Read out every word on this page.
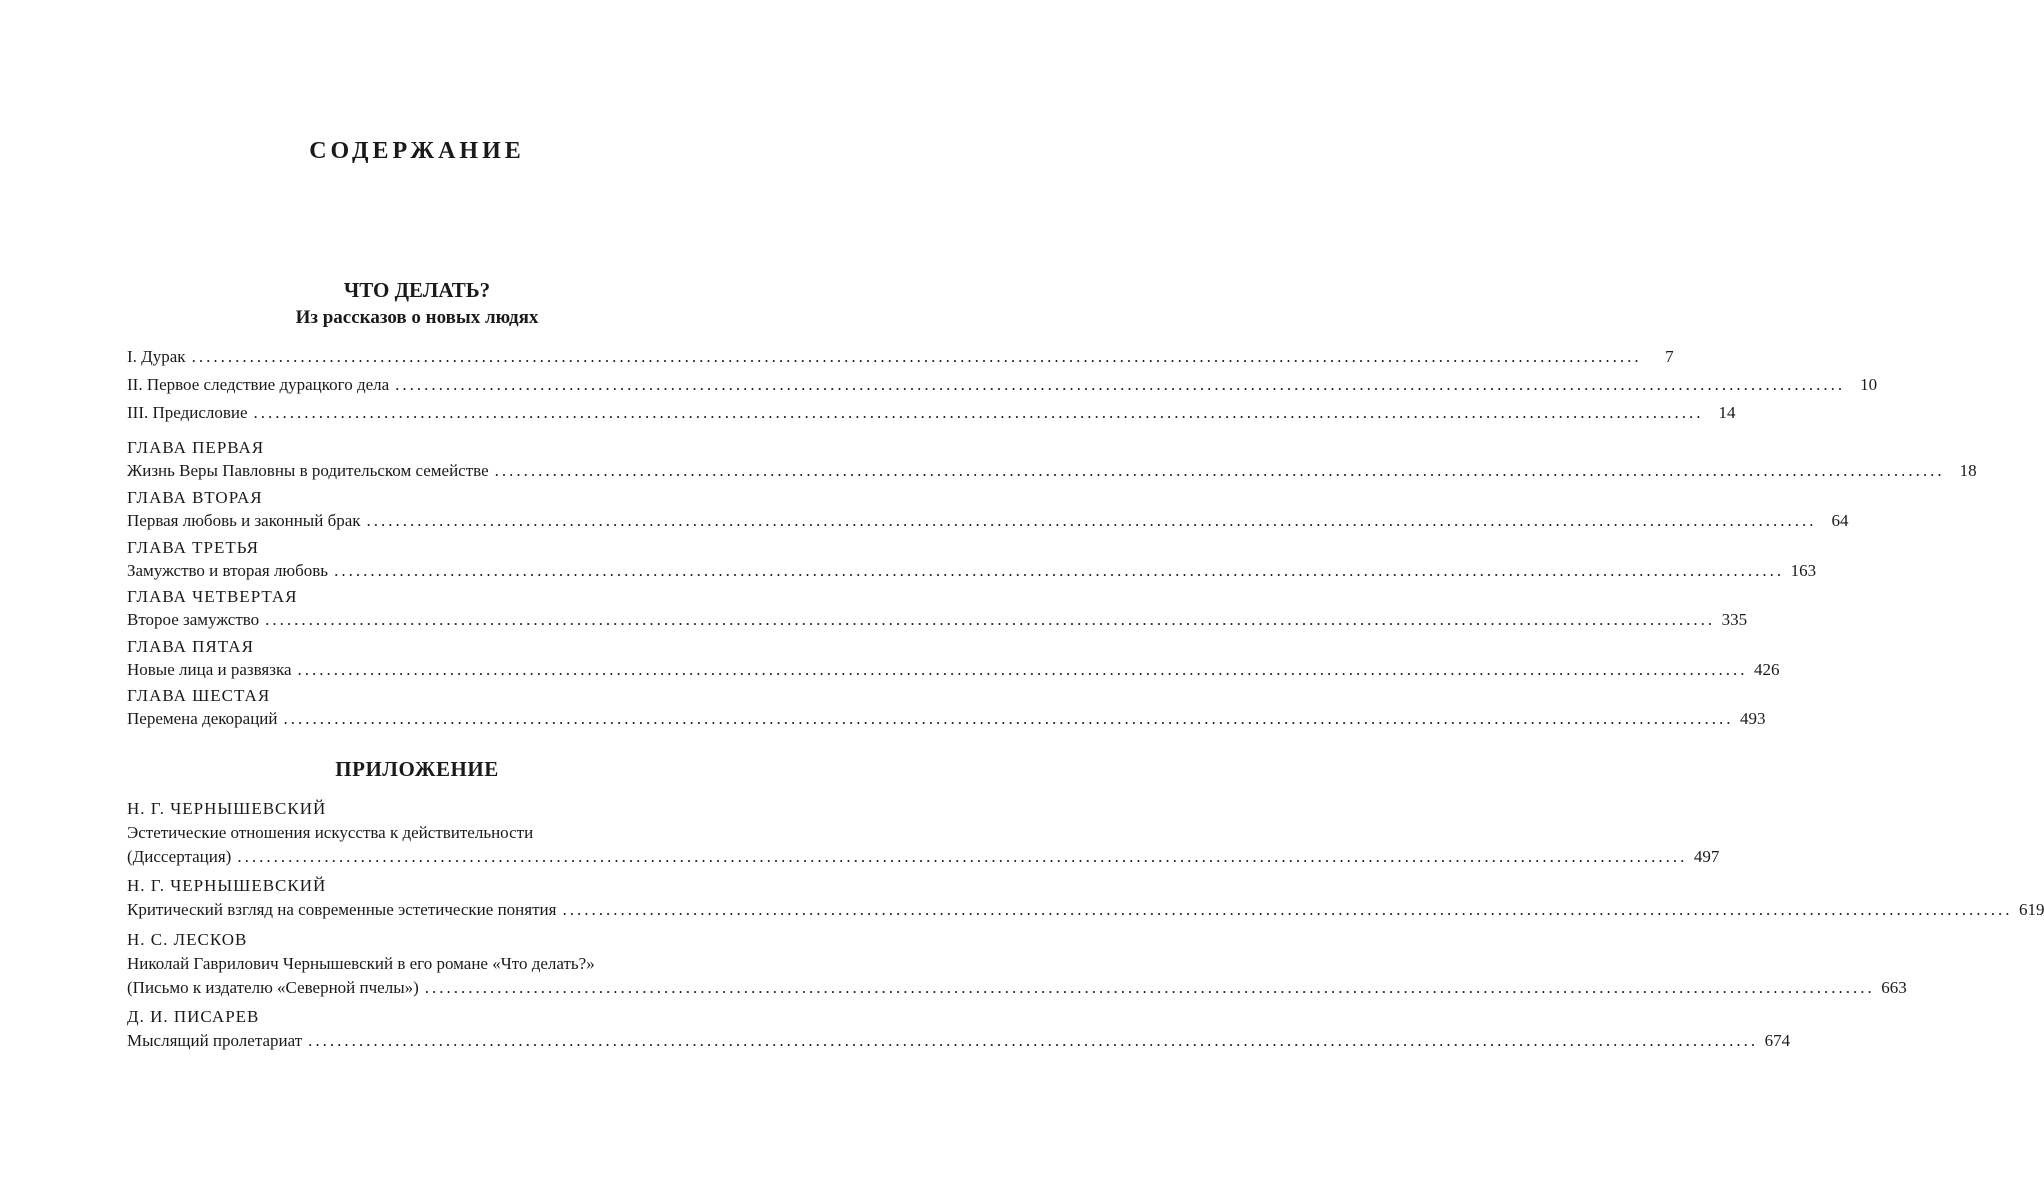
СОДЕРЖАНИЕ
ЧТО ДЕЛАТЬ?
Из рассказов о новых людях
I. Дурак ........................................................................................................................................................................................................	7
II. Первое следствие дурацкого дела ........................................................................................................................................................................................................ 10
III. Предисловие ........................................................................................................................................................................................................ 14
ГЛАВА ПЕРВАЯ
Жизнь Веры Павловны в родительском семействе ........................................................................................................................................................................................................ 18
ГЛАВА ВТОРАЯ
Первая любовь и законный брак ........................................................................................................................................................................................................ 64
ГЛАВА ТРЕТЬЯ
Замужство и вторая любовь ........................................................................................................................................................................................................ 163
ГЛАВА ЧЕТВЕРТАЯ
Второе замужство ........................................................................................................................................................................................................ 335
ГЛАВА ПЯТАЯ
Новые лица и развязка ........................................................................................................................................................................................................ 426
ГЛАВА ШЕСТАЯ
Перемена декораций ........................................................................................................................................................................................................ 493
ПРИЛОЖЕНИЕ
Н. Г. ЧЕРНЫШЕВСКИЙ
Эстетические отношения искусства к действительности
(Диссертация) ........................................................................................................................................................................................................ 497
Н. Г. ЧЕРНЫШЕВСКИЙ
Критический взгляд на современные эстетические понятия ........................................................................................................................................................................................................ 619
Н. С. ЛЕСКОВ
Николай Гаврилович Чернышевский в его романе «Что делать?»
(Письмо к издателю «Северной пчелы») ........................................................................................................................................................................................................ 663
Д. И. ПИСАРЕВ
Мыслящий пролетариат ........................................................................................................................................................................................................ 674
